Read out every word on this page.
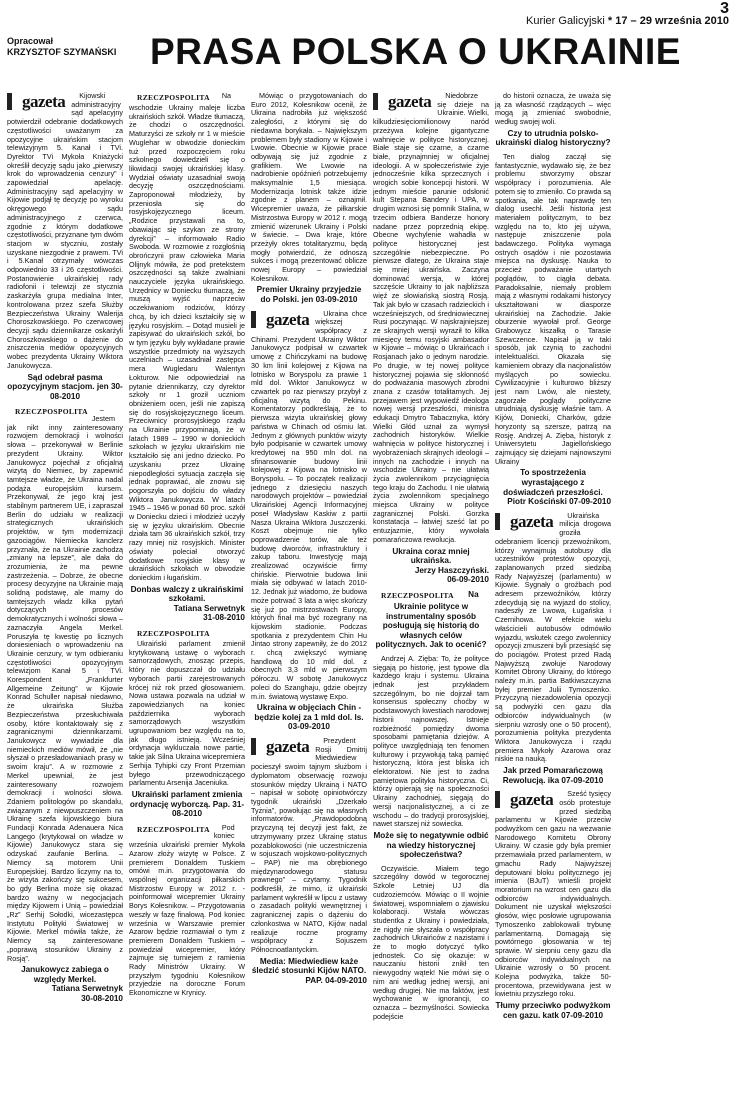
3
Kurier Galicyjski * 17 – 29 września 2010
Opracował
KRZYSZTOF SZYMAŃSKI PRASA POLSKA O UKRAINIE
gazeta Kijowski administracyjny sąd apelacyjny potwierdził odebranie dodatkowych częstotliwości uważanym za opozycyjne ukraińskim stacjom telewizyjnym 5. Kanał i TVi. Dyrektor TVi Mykoła Kniażycki określił decyzję sądu jako „pierwszy krok do wprowadzenia cenzury” i zapowiedział apelację. Administracyjny sąd apelacyjny w Kijowie podjął tę decyzję po wyroku okręgowego sądu administracyjnego z czerwca, zgodnie z którym dodatkowe częstotliwości, przyznane tym dwóm stacjom w styczniu, zostały uzyskane niezgodnie z prawem. TVi i 5.Kanał otrzymały wówczas odpowiednio 33 i 26 częstotliwości. Postanowienie ukraińskiej rady radiofonii i telewizji ze stycznia zaskarżyła grupa medialna Inter, kontrolowana przez szefa Służby Bezpieczeństwa Ukrainy Walerija Choroszkowskiego. Po czerwcowej decyzji sądu dziennikarze oskarżyli Choroszkowskiego o dążenie do zniszczenia mediów opozycyjnych wobec prezydenta Ukrainy Wiktora Janukowycza.
Sąd odebrał pasma opozycyjnym stacjom. jen 30-08-2010
RZECZPOSPOLITA – Jestem jak nikt inny zainteresowany rozwojem demokracji i wolności słowa – przekonywał w Berlinie prezydent Ukrainy. Wiktor Janukowycz pojechał z oficjalną wizytą do Niemiec, by zapewnić tamtejsze władze, że Ukraina nadal podąża europejskim kursem. Przekonywał, że jego kraj jest stabilnym partnerem UE, i zapraszał Berlin do udziału w realizacji strategicznych ukraińskich projektów, w tym modernizacji gazociągów. Niemiecka kanclerz przyznała, że na Ukrainie zachodzą „zmiany na lepsze”, ale dała do zrozumienia, że ma pewne zastrzeżenia. – Dobrze, że obecne procesy decyzyjne na Ukrainie mają solidną podstawę, ale mamy do tamtejszych władz kilka pytań dotyczących procesów demokratycznych i wolności słowa – zaznaczyła Angela Merkel. Poruszyła tę kwestię po licznych doniesieniach o wprowadzeniu na Ukrainie cenzury, w tym odbieraniu częstotliwości opozycyjnym telewizjom Kanał 5 i TVi. Korespondent „Frankfurter Allgemeine Zeitung” w Kijowie Konrad Schuller napisał niedawno, że ukraińska Służba Bezpieczeństwa przesłuchiwała osoby, które kontaktowały się z zagranicznymi dziennikarzami. Janukowycz w wywiadzie dla niemieckich mediów mówił, że „nie słyszał o przesładowaniach prasy w swoim kraju”. A w rozmowie z Merkel upewniał, że jest zainteresowany rozwojem demokracji i wolności słowa. Zdaniem politologów po skandalu, związanym z niewpuszczeniem na Ukrainę szefa kijowskiego biura Fundacji Konrada Adenauera Nica Langego (krytykował on władze w Kijowie) Janukowycz stara się odzyskać zaufanie Berlina. – Niemcy są motorem Unii Europejskiej. Bardzo liczymy na to, że wizyta zakończy się sukcesem, bo gdy Berlina może się okazać bardzo ważny w negocjacjach między Kijowem i Unią – powiedział „Rz” Serhij Sołodki, wicezastępca Instytutu Polityki Światowej w Kijowie. Merkel mówiła także, że Niemcy są zainteresowane „poprawą stosunków Ukrainy z Rosją”.
Janukowycz zabiega o względy Merkel.
Tatiana Serwetnyk
30-08-2010
RZECZPOSPOLITA Na wschodzie Ukrainy maleje liczba ukraińskich szkół. Władze tłumaczą, że chodzi o oszczędności. Maturzyści ze szkoły nr 1 w mieście Wuglehar w obwodzie donieckim tuż przed rozpoczęciem roku szkolnego dowiedzieli się o likwidacji swojej ukraińskiej klasy. Wydział oświaty uzasadniał swoją decyzję oszczędnościami. Zaproponował młodzieży, by przeniosła się do rosyjskojęzycznego liceum. „Rodzice przystawali na to, obawiając się szykan ze strony dyrekcji” – informowało Radio Swoboda. W rozmowie z rozgłośnią obrończyni praw człowieka Maria Olijnyk mówiła, że pod pretekstem oszczędności są także zwalniani nauczyciele języka ukraińskiego. Urzędnicy w Doniecku tłumaczą, że muszą wyjść naprzeciw oczekiwaniom rodziców, którzy chcą, by ich dzieci kształciły się w języku rosyjskim. – Dotąd musieli je zapisywać do ukraińskich szkół, bo w tym języku były wykładane prawie wszystkie przedmioty na wyższych uczelniach – uzasadniał zastępca mera Wugledaru Walentyn Łokturow. Nie odpowiedział na pytanie dziennikarzy, czy dyrektor szkoły nr 1 groził uczniom obniżeniem ocen, jeśli nie zapiszą się do rosyjskojęzycznego liceum. Przeciwnicy prorosyjskiego rządu na Ukrainie przypominają, że w latach 1989 – 1990 w donieckich szkołach w języku ukraińskim nie kształciło się ani jedno dziecko. Po uzyskaniu przez Ukrainę niepodległości sytuacja zaczęła się jednak poprawiać, ale znowu się pogorszyła po dojściu do władzy Wiktora Janukowycza. W latach 1945 – 1946 w ponad 60 proc. szkół w Doniecku dzieci i młodzież uczyły się w języku ukraińskim. Obecnie działa tam 36 ukraińskich szkół, trzy razy mniej niż rosyjskich. Minister oświaty poleciał otworzyć dodatkowe rosyjskie klasy w ukraińskich szkołach w obwodzie donieckim i ługańskim.
Donbas walczy z ukraińskimi szkołami.
Tatiana Serwetnyk
31-08-2010
RZECZPOSPOLITA
Ukraiński parlament zmienił krytykowaną ustawę o wyborach samorządowych, znosząc przepis, który nie dopuszczał do udziału wyborach partii zarejestrowanych krócej niż rok przed głosowaniem. Nowa ustawa pozwala na udział w zapowiedzianych na koniec października wyborach samorządowych wszystkim ugrupowaniom bez względu na to, jak długo istnieją. Wcześniej ordynacja wykluczała nowe partie, takie jak Silna Ukraina wicepremiera Serhija Tyhipki czy Front Przemian byłego przewodniczącego parlamentu Arsenija Jaceniuka.
Ukraiński parlament zmienia ordynację wyborczą. Pap. 31-08-2010
RZECZPOSPOLITA Pod koniec września ukraiński premier Mykoła Azarow złoży wizytę w Polsce. Z premierem Donaldem Tuskiem omówi m.in. przygotowania do wspólnej organizacji piłkarskich Mistrzostw Europy w 2012 r. - poinformował wicepremier Ukrainy Borys Kołesnikow. – Przygotowania weszły w fazę finałową. Pod koniec września w Warszawie premier Azarow będzie rozmawiał o tym z premierem Donaldem Tuskiem – powiedział wicepremier, który zajmuje się turniejem z ramienia Rady Ministrów Ukrainy. W przyszłym tygodniu Kołesnikow przyjedzie na doroczne Forum Ekonomiczne w Krynicy.
Mówiąc o przygotowaniach do Euro 2012, Kołesnikow ocenił, że Ukraina nadrobiła już większość zaległości, z którymi się do niedawna borykała. – Największym problemem były stadiony w Kijowie i Lwowie. Obecnie w Kijowie prace odbywają się już zgodnie z grafikiem. We Lwowie na nadrobienie opóźnień potrzebujemy maksymalnie 1,5 miesiąca. Modernizacja lotnisk także idzie zgodnie z planem – oznajmił. Wicepremier uważa, że piłkarskie Mistrzostwa Europy w 2012 r. mogą zmienić wizerunek Ukrainy i Polski w świecie. – Dwa kraje, które przeżyły okres totalitaryzmu, będą mogły potwierdzić, że odnoszą sukces i mogą prezentować oblicze nowej Europy – powiedział Kołesnikow.
Premier Ukrainy przyjedzie do Polski. jen 03-09-2010
gazeta Ukraina chce większej współpracy z Chinami. Prezydent Ukrainy Wiktor Janukowycz podpisał w czwartek umowę z Chińczykami na budowę 30 km linii kolejowej z Kijowa na lotnisko w Boryspolu za prawie 1 mld dol. Wiktor Janukowycz w czwartek po raz pierwszy przybył z oficjalną wizytą do Pekinu. Komentatorzy podkreślają, że to pierwsza wizyta ukraińskiej głowy państwa w Chinach od ośmiu lat. Jednym z głównych punktów wizyty było podpisanie w czwartek umowy kredytowej na 950 mln dol. na sfinansowanie budowy linii kolejowej z Kijowa na lotnisko w Boryspolu. – To początek realizacji jednego z dziesięciu naszych narodowych projektów – powiedział Ukraińskiej Agencji Informacyjnej poseł Władysław Kaskiw z partii Nasza Ukraina Wiktora Juszczenki. Koszt obejmuje nie tylko poprowadzenie torów, ale też budowę dworców, infrastruktury i zakup taboru. Inwestycję mają zrealizować oczywiście firmy chińskie. Pierwotnie budowa linii miała się odbywać w latach 2010-12. Jednak już wiadomo, że budowa może potrwać 3 lata a więc skończy się już po mistrzostwach Europy, których finał ma być rozegrany na kijowskim stadionie. Podczas spotkania z prezydentem Chin Hu Jintao strony zapewniły, że do 2012 r. chcą zwiększyć wymianę handlową do 10 mld dol. z obecnych 3,3 mld w pierwszym półroczu. W sobotę Janukowycz poleci do Szanghaju, gdzie obejrzy m.in. światową wystawę Expo.
Ukraina w objęciach Chin - będzie kolej za 1 mld dol. ls. 03-09-2010
gazeta Prezydent Rosji Dmitrij Miedwiediew pocieszył swoim tajnym służbom i dyplomatom obserwację rozwoju stosunków między Ukrainą i NATO – napisał w sobotę opiniotwórczy tygodnik ukraiński „Dzerkało Tyżnia”, powołując się na własnych informatorów. „Prawdopodobną przyczyną tej decyzji jest fakt, że utrzymywany przez Ukrainę status pozablokowości (nie uczestniczenia w sojuszach wojskowo-politycznych – PAP) nie ma obrębionego międzynarodowego statusu prawnego” – czytamy. Tygodnik podkreślił, że mimo, iż ukraiński parlament wykreślił w lipcu z ustawy o zasadach polityki wewnętrznej i zagranicznej zapis o dążeniu do członkostwa w NATO, Kijów nadal realizuje roczne programy współpracy z Sojuszem Północnoatlantyckim.
Media: Miedwiediew każe śledzić stosunki Kijów NATO.
PAP. 04-09-2010
gazeta Niedobrze się dzieje na Ukrainie. Wielki, kilkudziesięciomilionowy naród przeżywa kolejne gigantyczne wahnięcie w polityce historycznej. Białe staje się czarne, a czarne białe, przynajmniej w oficjalnej ideologii. A w społeczeństwie żyje jednocześnie kilka sprzecznych i wrogich sobie koncepcji historii. W jednym mieście parunie odsłonić kult Stepana Bandery i UPA, w drugim wznosi się pomnik Stalina, w trzecim odbiera Banderze honory nadane przez poprzednią ekipę. Obecne wychylenie wahadła w polityce historycznej jest szczególnie niebezpieczne. Po pierwsze dlatego, że Ukraina staje się mniej ukraińska. Zaczyna dominować wersja, w której szczęście Ukrainy to jak najbliższa więź ze słowiańską siostrą Rosją. Tak jak było w czasach radzieckich i wcześniejszych, od średniowiecznej Rusi poczynając. W najskrajniejszej ze skrajnych wersji wyraził to kilka miesięcy temu rosyjski ambasador w Kijowie – mówiąc o Ukraińcach i Rosjanach jako o jednym narodzie. Po drugie, w tej nowej polityce historycznej pojawia się skłonność do podważania masowych zbrodni znana z czasów totalitarnych. Jej przejawem jest wypowiedź ideologa nowej wersji przeszłości, ministra edukacji Dmytro Tabacznyka, który Wielki Głód uznał za wymysł zachodnich historyków. Wielkie wahnięcia w polityce historycznej i wyobrażeniach skrajnych ideologii – innych na zachodzie i innych na wschodzie Ukrainy – nie ułatwią życia zwolennikom przyciągnięcia tego kraju do Zachodu. I nie ułatwią życia zwolennikom specjalnego miejsca Ukrainy w polityce zagranicznej Polski. Gorzka konstatacja – łatwiej sześć lat po entuzjazmie, który wywołała pomarańczowa rewolucja.
Ukraina coraz mniej ukraińska.
Jerzy Haszczyński.
06-09-2010
RZECZPOSPOLITA	Na Ukrainie polityce w instrumentalny sposób posługują się historią do własnych celów politycznych. Jak to ocenić?
Andrzej A. Zięba: To, że polityce sięgają po historię, jest typowe dla każdego kraju i systemu. Ukraina jednak jest przykładem szczególnym, bo nie dojrzał tam konsensus społeczny choćby w podstawowych kwestiach narodowej historii najnowszej. Istnieje rozbieżność pomiędzy dwoma sposobami pamiętania dziejów. A polityce uwzględniają ten fenomen kulturowy i przywołują taką pamięć historyczną, która jest bliska ich elektoratowi. Nie jest to żadna pamiętowa polityka historyczna. Ci, którzy opierają się na społeczności Ukrainy zachodniej, sięgają do wersji nacjonalistycznej, a ci ze wschodu – do tradycji prorosyjskiej, nawet starszej niż sowiecka.
Może się to negatywnie odbić na wiedzy historycznej społeczeństwa?
Oczywiście. Miałem tego szczególny dowód w tegorocznej Szkole Letniej UJ dla cudzoziemców. Mówiąc o II wojnie światowej, wspomniałem o zjawisku kolaboracji. Wstała wówczas studentka z Ukrainy i powiedziała, że nigdy nie słyszała o współpracy zachodnich Ukraińców z nazistami i że to mogło dotyczyć tylko jednostek. Co się okazuje: w nauczaniu historii znikł ten niewygodny wątek! Nie mówi się o nim ani według jednej wersji, ani według drugiej. Nie ma faktów, jest wychowanie w ignorancji, co oznacza – bezmyślności. Sowiecka podejście
do historii oznacza, że uważa się ją za własność rządzących – więc mogą ją zmieniać swobodnie, według swojej woli.
Czy to utrudnia polsko-ukraiński dialog historyczny?
Ten dialog zaczął się fantastycznie, wydawało się, że bez problemu stworzymy obszar współpracy i porozumienia. Ale potem się to zmieniło. Co prawda są spotkania, ale tak naprawdę ten dialog usechł. Jeśli historia jest materiałem politycznym, to bez względu na to, kto jej używa, następuje zniszczenie pola badawczego. Polityka wymaga ostrych osądów i nie pozostawia miejsca na dyskusję. Nauka to przecież podważanie utartych poglądów, to ciągła debata. Paradoksalnie, niemały problem mają z własnymi rodakami historycy ukształtowani w diasporze ukraińskiej na Zachodzie. Jakie oburzenie wywołał prof. George Grabowycz kiszałką o Tarasie Szewczence. Napisał ją w taki sposób, jak czynią to zachodni intelektualiści. Okazała się kamieniem obrazy dla nacjonalistów myślących po sowiecku. Cywilizacyjnie i kulturowo bliższy jest nam Lwów, ale niestety, zagorzałe poglądy polityczne utrudniają dyskusję właśnie tam. A Kijów, Doniecki, Charków, gdzie horyzonty są szersze, patrzą na Rosję. Andrzej A. Zięba, historyk z Uniwersytetu Jagiellońskiego zajmujący się dziejami najnowszymi Ukrainy
To spostrzeżenia wyrastającego z doświadczeń przeszłości.
Piotr Kościński 07-09-2010
gazeta Ukraińska milicja drogowa groziła odebraniem licencji przewoźnikom, którzy wynajmują autobusy dla uczestników protestów opozycji, zaplanowanych przed siedzibą Rady Najwyższej (parlamentu) w Kijowie. Sygnały o groźbach pod adresem przewoźników, którzy zdecydują się na wyjazd do stolicy, nadeszły ze Lwowa, Ługańska i Czernihowa. W efekcie wielu właścicieli autobusów odmówiło wyjazdu, wskutek czego zwolennicy opozycji zmuszeni byli przesiąść się do pociągów. Protest przed Radą Najwyższą zwołuje Narodowy Komitet Obrony Ukrainy, do którego należy m.in. partia Batkiwszczyzna byłej premier Julii Tymoszenko. Przyczyną niezadowolenia opozycji są podwyżki cen gazu dla odbiorców indywidualnych (w sierpniu wzrosły one o 50 procent), porozumienia polityka prezydenta Wiktora Janukowycza i rządu premiera Mykoły Azarowa oraz niskie na nauką.
Jak przed Pomarańczową Rewolucją. ika 07-09-2010
gazeta Sześć tysięcy osób protestuje przed siedzibą parlamentu w Kijowie przeciw podwyżkom cen gazu na wezwanie Narodowego Komitetu Obrony Ukrainy. W czasie gdy była premier przemawiała przed parlamentem, w gmachu Rady Najwyższej deputowani bloku politycznego jej imienia (BJuT) wnieśli projekt moratorium na wzrost cen gazu dla odbiorców indywidualnych. Dokument nie uzyskał większości głosów, więc posłowie ugrupowania Tymoszenko zablokowali trybunę parlamentarną. Domagają się powtórnego głosowania w tej sprawie. W sierpniu ceny gazu dla odbiorców indywidualnych na Ukrainie wzrosły o 50 procent. Kolejna podwyżka, także 50-procentowa, przewidywana jest w kwietniu przyszłego roku.
Tłumy przeciwko podwyżkom cen gazu. katk 07-09-2010
